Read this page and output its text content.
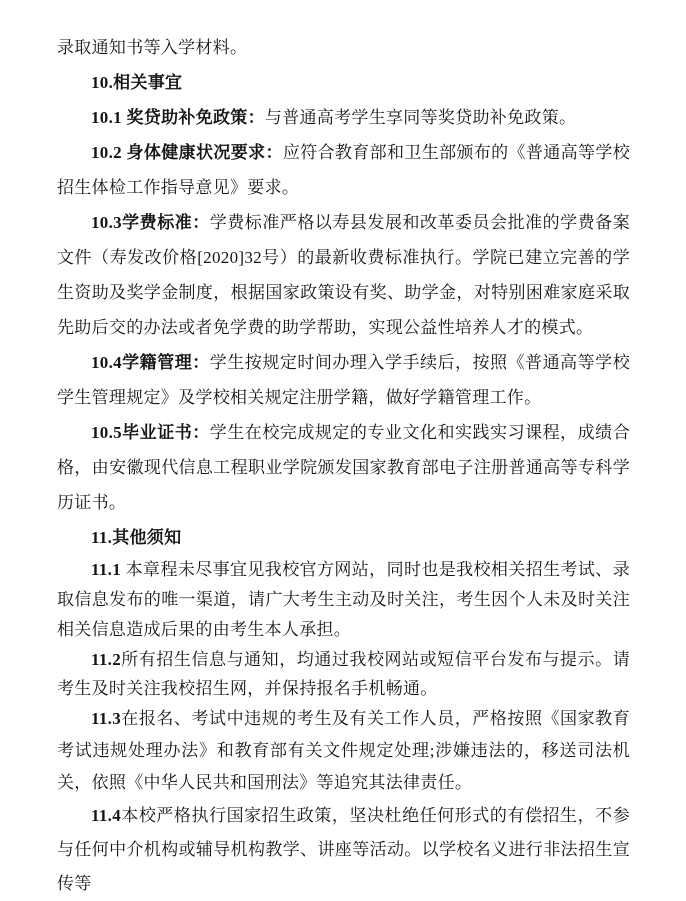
录取通知书等入学材料。

10.相关事宜

10.1 奖贷助补免政策：与普通高考学生享同等奖贷助补免政策。

10.2 身体健康状况要求：应符合教育部和卫生部颁布的《普通高等学校招生体检工作指导意见》要求。

10.3学费标准：学费标准严格以寿县发展和改革委员会批准的学费备案文件（寿发改价格[2020]32号）的最新收费标准执行。学院已建立完善的学生资助及奖学金制度，根据国家政策设有奖、助学金，对特别困难家庭采取先助后交的办法或者免学费的助学帮助，实现公益性培养人才的模式。

10.4学籍管理：学生按规定时间办理入学手续后，按照《普通高等学校学生管理规定》及学校相关规定注册学籍，做好学籍管理工作。

10.5毕业证书：学生在校完成规定的专业文化和实践实习课程，成绩合格，由安徽现代信息工程职业学院颁发国家教育部电子注册普通高等专科学历证书。

11.其他须知

11.1 本章程未尽事宜见我校官方网站，同时也是我校相关招生考试、录取信息发布的唯一渠道，请广大考生主动及时关注，考生因个人未及时关注相关信息造成后果的由考生本人承担。

11.2所有招生信息与通知，均通过我校网站或短信平台发布与提示。请考生及时关注我校招生网，并保持报名手机畅通。

11.3在报名、考试中违规的考生及有关工作人员，严格按照《国家教育考试违规处理办法》和教育部有关文件规定处理;涉嫌违法的，移送司法机关，依照《中华人民共和国刑法》等追究其法律责任。

11.4本校严格执行国家招生政策，坚决杜绝任何形式的有偿招生，不参与任何中介机构或辅导机构教学、讲座等活动。以学校名义进行非法招生宣传等
